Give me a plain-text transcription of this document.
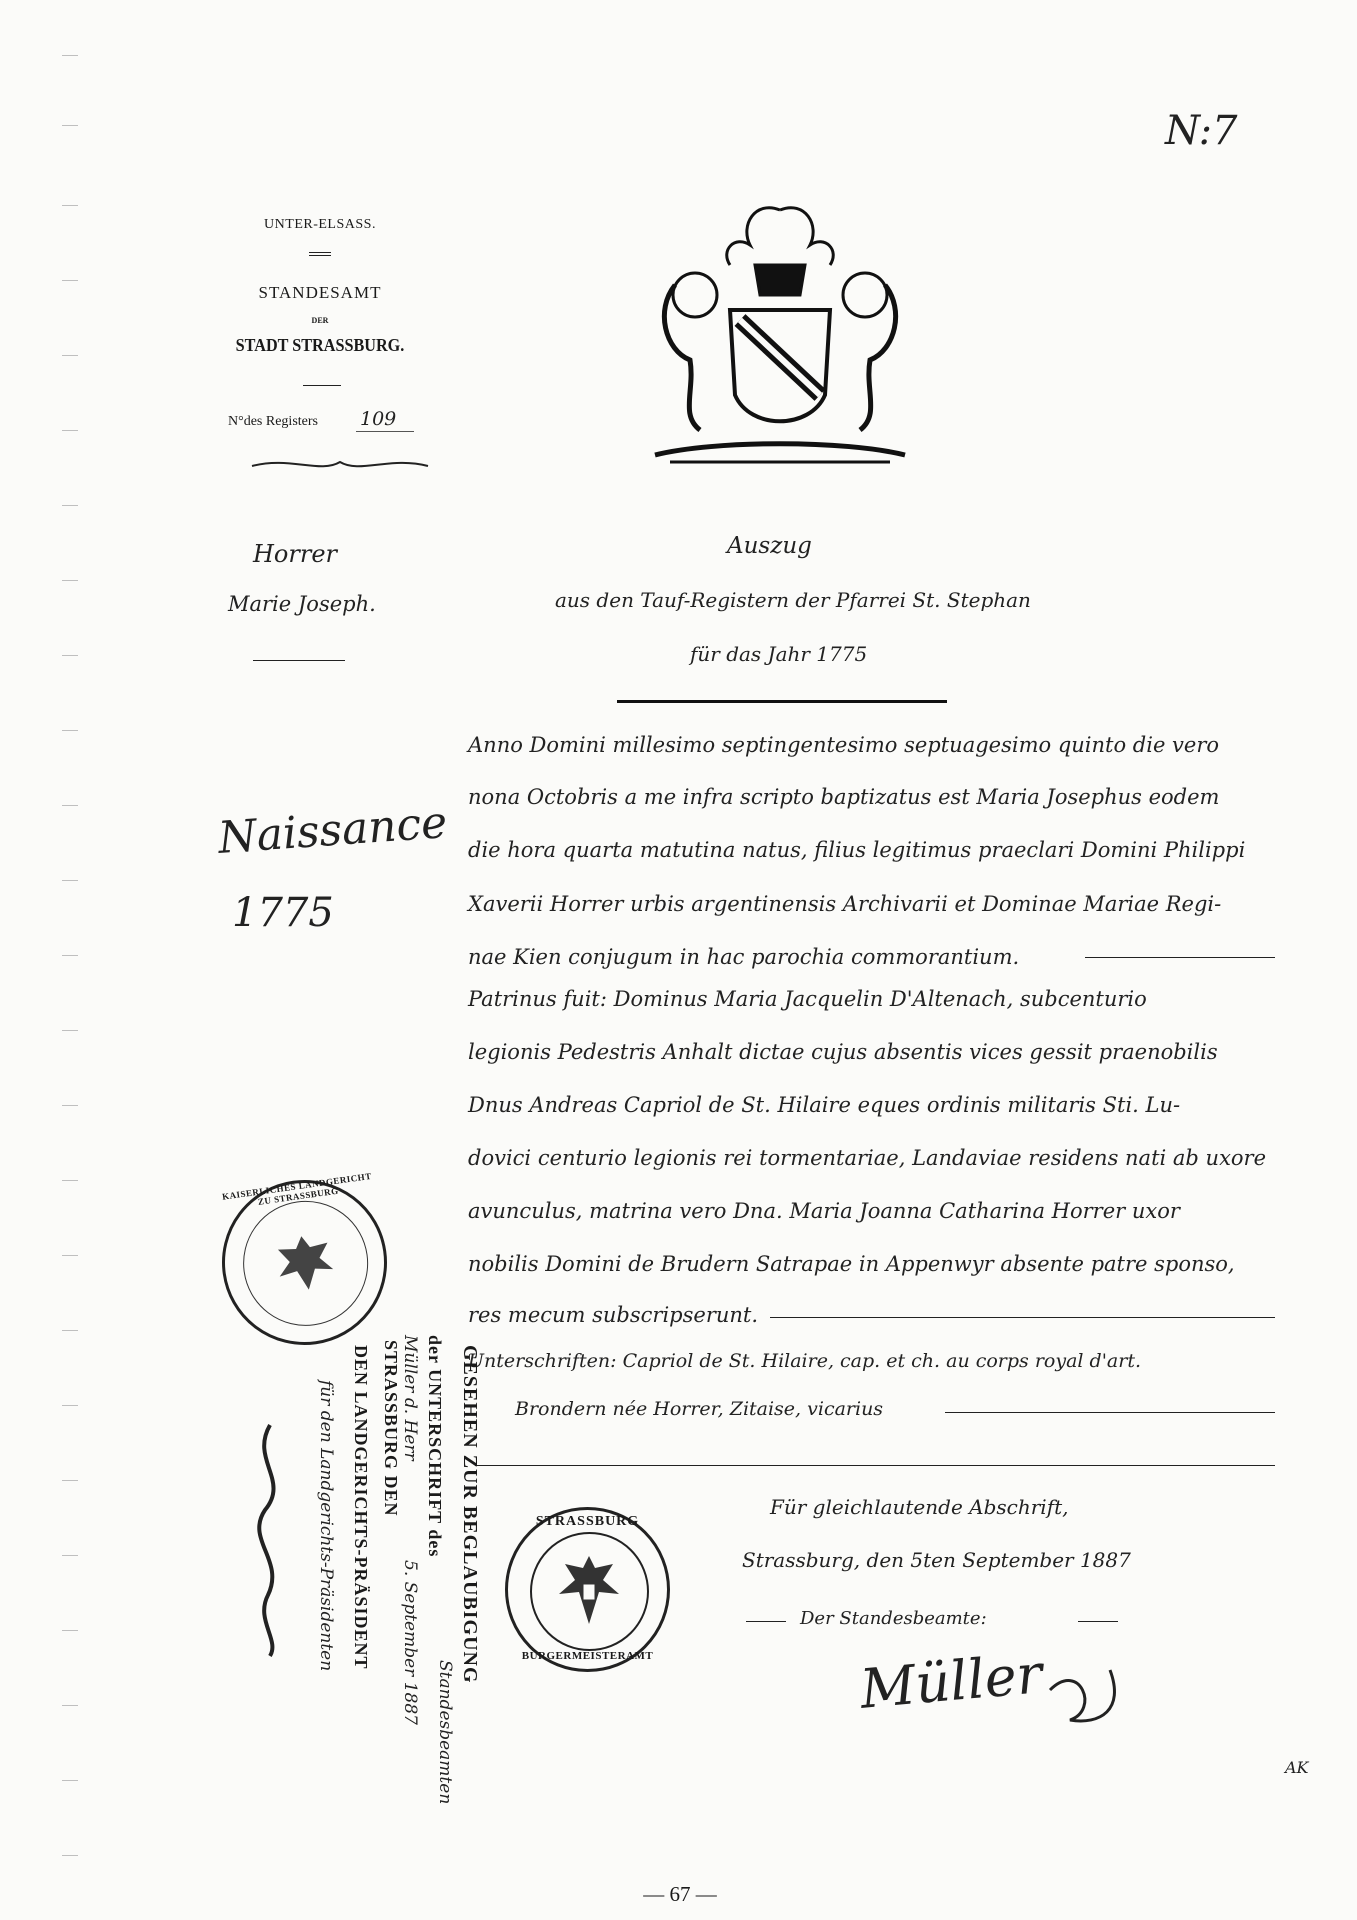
N:7
UNTER-ELSASS.
STANDESAMT
DER
STADT STRASSBURG.
N°des Registers 109
Horrer
Marie Joseph.
Naissance
1775
Auszug
aus den Tauf-Registern der Pfarrei St. Stephan
für das Jahr 1775
Anno Domini millesimo septingentesimo septuagesimo quinto die vero
nona Octobris a me infra scripto baptizatus est Maria Josephus eodem
die hora quarta matutina natus, filius legitimus praeclari Domini Philippi
Xaverii Horrer urbis argentinensis Archivarii et Dominae Mariae Regi-
nae Kien conjugum in hac parochia commorantium.
Patrinus fuit: Dominus Maria Jacquelin D'Altenach, subcenturio
legionis Pedestris Anhalt dictae cujus absentis vices gessit praenobilis
Dnus Andreas Capriol de St. Hilaire eques ordinis militaris Sti. Lu-
dovici centurio legionis rei tormentariae, Landaviae residens nati ab uxore
avunculus, matrina vero Dna. Maria Joanna Catharina Horrer uxor
nobilis Domini de Brudern Satrapae in Appenwyr absente patre sponso,
res mecum subscripserunt.
Unterschriften: Capriol de St. Hilaire, cap. et ch. au corps royal d'art.
Brondern née Horrer, Zitaise, vicarius
KAISERLICHES LANDGERICHT ZU STRASSBURG
GESEHEN ZUR BEGLAUBIGUNG
der UNTERSCHRIFT des
STRASSBURG DEN
DEN LANDGERICHTS-PRÄSIDENT
Standesbeamten
Müller d. Herr
5. September 1887
für den Landgerichts-Präsidenten	STRASSBURG
BÜRGERMEISTERAMT
Für gleichlautende Abschrift,
Strassburg, den 5ten September 1887
Der Standesbeamte:
Müller
AK
— 67 —
